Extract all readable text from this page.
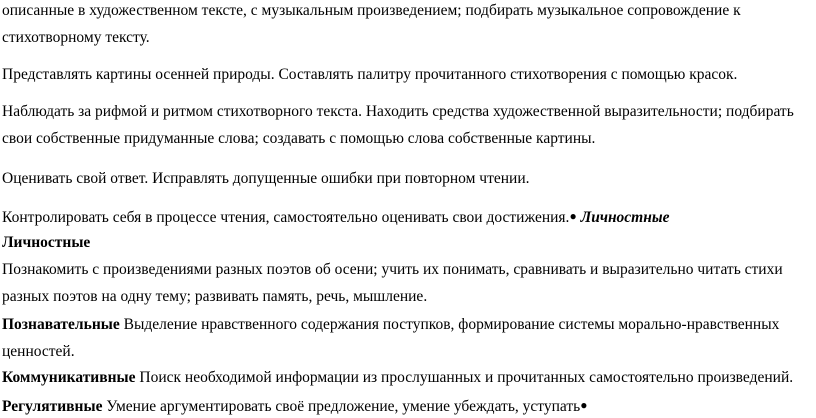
описанные в художественном тексте, с музыкальным произведением; подбирать музыкальное сопровождение к
стихотворному тексту.
Представлять картины осенней природы. Составлять палитру прочитанного стихотворения с помощью красок.
Наблюдать за рифмой и ритмом стихотворного текста. Находить средства художественной выразительности; подбирать
свои собственные придуманные слова; создавать с помощью слова собственные картины.
Оценивать свой ответ. Исправлять допущенные ошибки при повторном чтении.
Контролировать себя в процессе чтения, самостоятельно оценивать свои достижения.● Личностные
Личностные
Познакомить с произведениями разных поэтов об осени; учить их понимать, сравнивать и выразительно читать стихи
разных поэтов на одну тему; развивать память, речь, мышление.
Познавательные Выделение нравственного содержания поступков, формирование системы морально-нравственных
ценностей.
Коммуникативные Поиск необходимой информации из прослушанных и прочитанных самостоятельно произведений.
Регулятивные Умение аргументировать своё предложение, умение убеждать, уступать●
